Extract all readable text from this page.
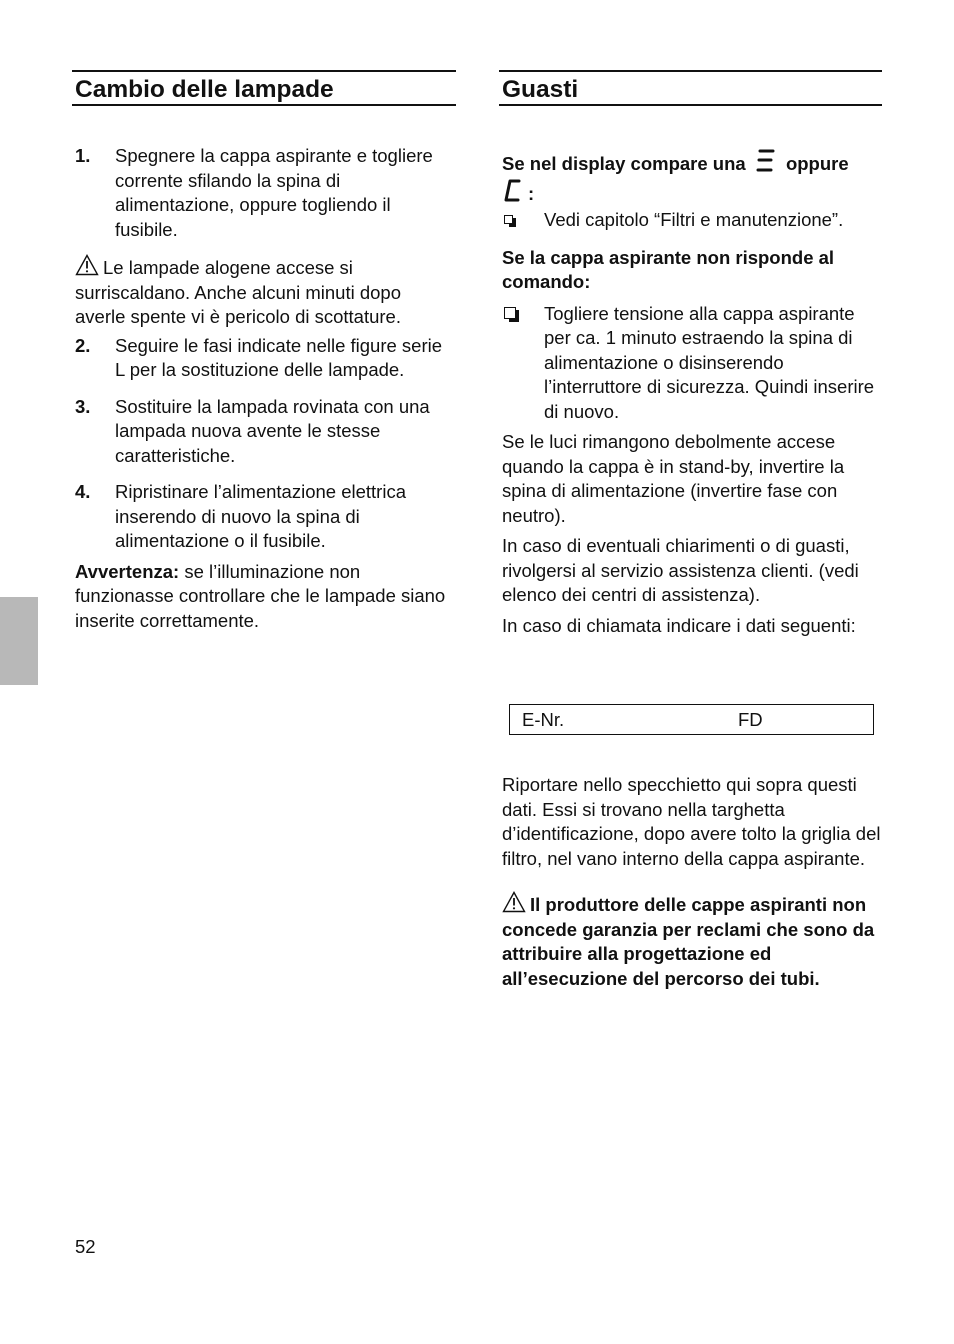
Cambio delle lampade
1.	Spegnere la cappa aspirante e togliere corrente sfilando la spina di alimentazione, oppure togliendo il fusibile.
Le lampade alogene accese si surriscaldano. Anche alcuni minuti dopo averle spente vi è pericolo di scottature.
2.	Seguire le fasi indicate nelle figure serie L per la sostituzione delle lampade.
3.	Sostituire la lampada rovinata con una lampada nuova avente le stesse caratteristiche.
4.	Ripristinare l’alimentazione elettrica inserendo di nuovo la spina di alimentazione o il fusibile.
Avvertenza: se l’illuminazione non funzionasse controllare che le lampade siano inserite correttamente.
Guasti
Se nel display compare una oppure
:
Vedi capitolo “Filtri e manutenzione”.
Se la cappa aspirante non risponde al comando:
Togliere tensione alla cappa aspirante per ca. 1 minuto estraendo la spina di alimentazione o disinserendo l’interruttore di sicurezza. Quindi inserire di nuovo.
Se le luci rimangono debolmente accese quando la cappa è in stand-by, invertire la spina di alimentazione (invertire fase con neutro).
In caso di eventuali chiarimenti o di guasti, rivolgersi al servizio assistenza clienti. (vedi elenco dei centri di assistenza).
In caso di chiamata indicare i dati seguenti:
E-Nr.	FD
Riportare nello specchietto qui sopra questi dati. Essi si trovano nella targhetta d’identificazione, dopo avere tolto la griglia del filtro, nel vano interno della cappa aspirante.
Il produttore delle cappe aspiranti non concede garanzia per reclami che sono da attribuire alla progettazione ed all’esecuzione del percorso dei tubi.
52
